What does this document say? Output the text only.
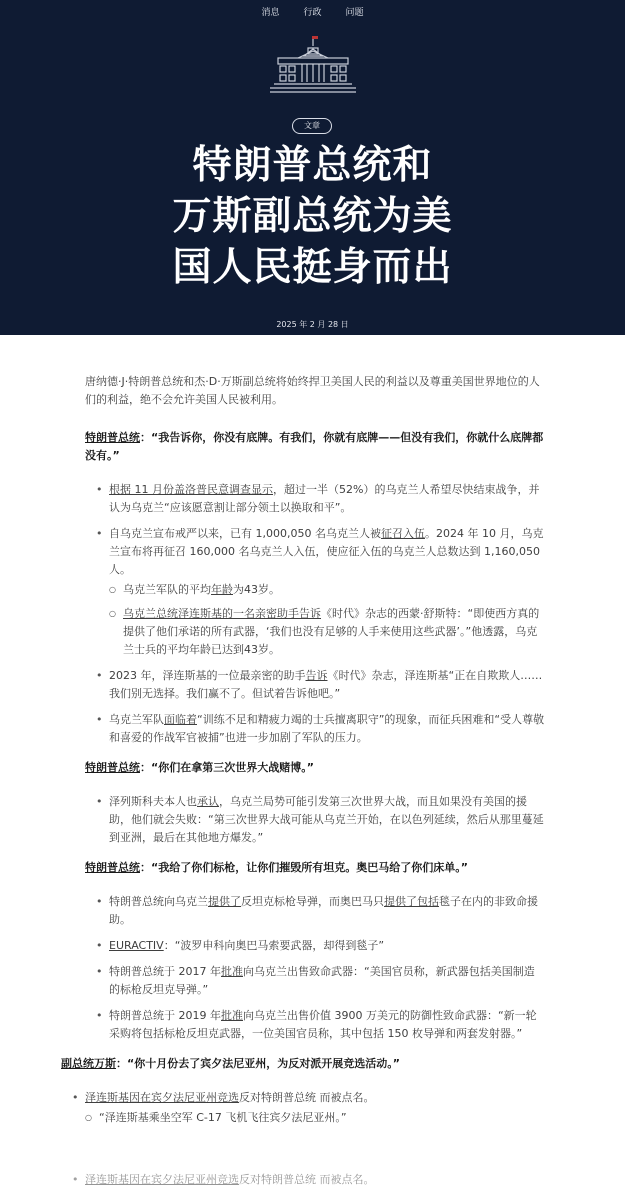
消息	行政	问题
文章
特朗普总统和
万斯副总统为美
国人民挺身而出
2025 年 2 月 28 日

唐纳德·J·特朗普总统和杰·D·万斯副总统将始终捍卫美国人民的利益以及尊重美国世界地位的人们的利益，绝不会允许美国人民被利用。

特朗普总统：“我告诉你，你没有底牌。有我们，你就有底牌——但没有我们，你就什么底牌都没有。”

• 根据 11 月份盖洛普民意调查显示，超过一半（52%）的乌克兰人希望尽快结束战争，并认为乌克兰“应该愿意割让部分领土以换取和平”。
• 自乌克兰宣布戒严以来，已有 1,000,050 名乌克兰人被征召入伍。2024 年 10 月，乌克兰宣布将再征召 160,000 名乌克兰人入伍，使应征入伍的乌克兰人总数达到 1,160,050 人。
○ 乌克兰军队的平均年龄为43岁。
○ 乌克兰总统泽连斯基的一名亲密助手告诉《时代》杂志的西蒙·舒斯特：“即使西方真的提供了他们承诺的所有武器，‘我们也没有足够的人手来使用这些武器’。”他透露，乌克兰士兵的平均年龄已达到43岁。
• 2023 年，泽连斯基的一位最亲密的助手告诉《时代》杂志，泽连斯基“正在自欺欺人……我们别无选择。我们赢不了。但试着告诉他吧。”
• 乌克兰军队面临着“训练不足和精疲力竭的士兵擅离职守”的现象，而征兵困难和“受人尊敬和喜爱的作战军官被捕”也进一步加剧了军队的压力。

特朗普总统：“你们在拿第三次世界大战赌博。”

• 泽列斯科夫本人也承认，乌克兰局势可能引发第三次世界大战，而且如果没有美国的援助，他们就会失败：“第三次世界大战可能从乌克兰开始，在以色列延续，然后从那里蔓延到亚洲，最后在其他地方爆发。”

特朗普总统：“我给了你们标枪，让你们摧毁所有坦克。奥巴马给了你们床单。”

• 特朗普总统向乌克兰提供了反坦克标枪导弹，而奥巴马只提供了包括毯子在内的非致命援助。
• EURACTIV：“波罗申科向奥巴马索要武器，却得到毯子”
• 特朗普总统于 2017 年批准向乌克兰出售致命武器：“美国官员称，新武器包括美国制造的标枪反坦克导弹。”
• 特朗普总统于 2019 年批准向乌克兰出售价值 3900 万美元的防御性致命武器：“新一轮采购将包括标枪反坦克武器，一位美国官员称，其中包括 150 枚导弹和两套发射器。”

副总统万斯：“你十月份去了宾夕法尼亚州，为反对派开展竞选活动。”

• 泽连斯基因在宾夕法尼亚州竞选反对特朗普总统 而被点名。
○ “泽连斯基乘坐空军 C-17 飞机飞往宾夕法尼亚州。”
• 泽连斯基因在宾夕法尼亚州竞选反对特朗普总统 而被点名。
